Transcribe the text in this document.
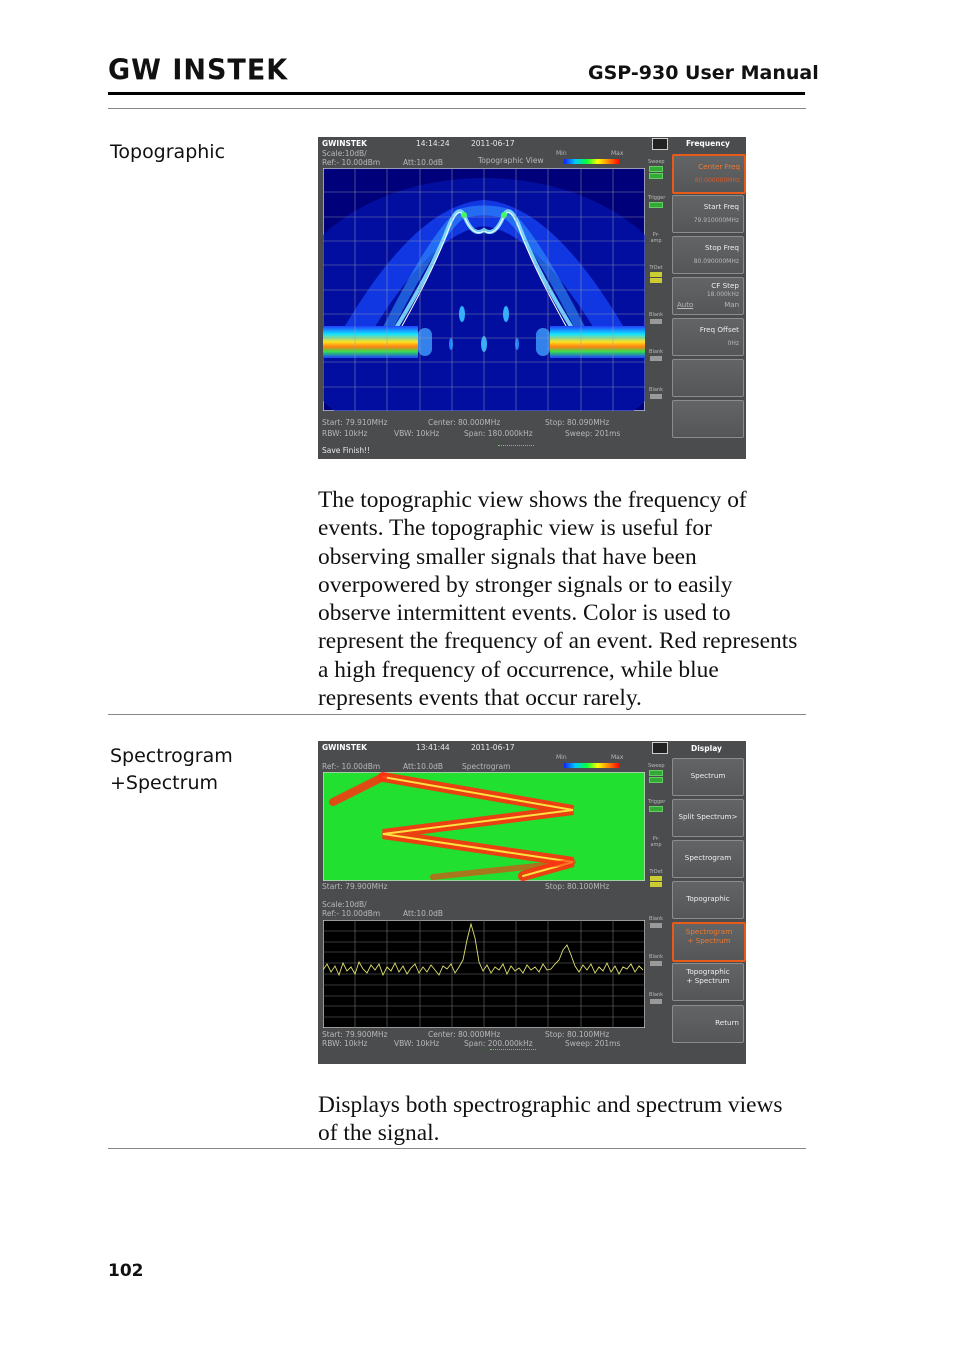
GW INSTEK	GSP-930 User Manual
Topographic	GWINSTEK	14:14:24	2011-06-17
Scale:10dB/
Ref:- 10.00dBm	Att:10.0dB	Topographic View
Min	Max
Frequency
Start: 79.910MHz	Center: 80.000MHz	Stop: 80.090MHz
RBW: 10kHz	VBW: 10kHz	Span: 180.000kHz	Sweep: 201ms
Save Finish!!
Sweep
Trigger
Pr-amp
TrDet
Blank
Blank
Blank
Center Freq
80.000000MHz
Start Freq
79.910000MHz
Stop Freq
80.090000MHz
CF Step
18.000kHz
Auto	Man
Freq Offset
0Hz
The topographic view shows the frequency of events. The topographic view is useful for observing smaller signals that have been overpowered by stronger signals or to easily observe intermittent events. Color is used to represent the frequency of an event. Red represents a high frequency of occurrence, while blue represents events that occur rarely.
Spectrogram
+Spectrum
GWINSTEK	13:41:44	2011-06-17
Ref:- 10.00dBm	Att:10.0dB	Spectrogram
Min	Max
Display
Start: 79.900MHz	Stop: 80.100MHz
Scale:10dB/
Ref:- 10.00dBm	Att:10.0dB
Start: 79.900MHz	Center: 80.000MHz	Stop: 80.100MHz
RBW: 10kHz	VBW: 10kHz	Span: 200.000kHz	Sweep: 201ms
Sweep
Trigger
Pr-amp
TrDet
Blank
Blank
Blank
Spectrum
Split Spectrum>
Spectrogram
Topographic
Spectrogram + Spectrum
Topographic + Spectrum
Return
Displays both spectrographic and spectrum views of the signal.
102
